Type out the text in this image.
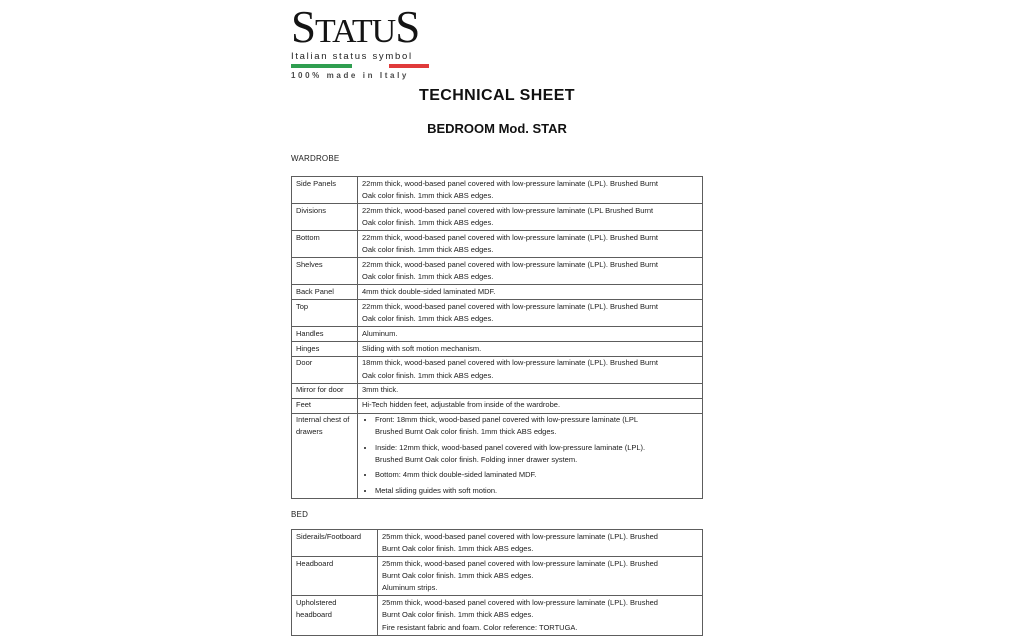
STATUS
Italian status symbol
100% made in Italy
TECHNICAL SHEET
BEDROOM Mod. STAR
WARDROBE
Side Panels	22mm thick, wood-based panel covered with low-pressure laminate (LPL). Brushed Burnt
Oak color finish. 1mm thick ABS edges.

Divisions	22mm thick, wood-based panel covered with low-pressure laminate (LPL Brushed Burnt
Oak color finish. 1mm thick ABS edges.

Bottom	22mm thick, wood-based panel covered with low-pressure laminate (LPL). Brushed Burnt
Oak color finish. 1mm thick ABS edges.

Shelves	22mm thick, wood-based panel covered with low-pressure laminate (LPL). Brushed Burnt
Oak color finish. 1mm thick ABS edges.

Back Panel	4mm thick double-sided laminated MDF.

Top	22mm thick, wood-based panel covered with low-pressure laminate (LPL). Brushed Burnt
Oak color finish. 1mm thick ABS edges.

Handles	Aluminum.

Hinges	Sliding with soft motion mechanism.

Door	18mm thick, wood-based panel covered with low-pressure laminate (LPL). Brushed Burnt
Oak color finish. 1mm thick ABS edges.

Mirror for door	3mm thick.

Feet	Hi-Tech hidden feet, adjustable from inside of the wardrobe.

Internal chest of drawers	
• Front: 18mm thick, wood-based panel covered with low-pressure laminate (LPL
Brushed Burnt Oak color finish. 1mm thick ABS edges.
• Inside: 12mm thick, wood-based panel covered with low-pressure laminate (LPL).
Brushed Burnt Oak color finish. Folding inner drawer system.
• Bottom: 4mm thick double-sided laminated MDF.
• Metal sliding guides with soft motion.
BED
Siderails/Footboard	25mm thick, wood-based panel covered with low-pressure laminate (LPL). Brushed
Burnt Oak color finish. 1mm thick ABS edges.

Headboard	25mm thick, wood-based panel covered with low-pressure laminate (LPL). Brushed
Burnt Oak color finish. 1mm thick ABS edges.
Aluminum strips.

Upholstered headboard	25mm thick, wood-based panel covered with low-pressure laminate (LPL). Brushed
Burnt Oak color finish. 1mm thick ABS edges.
Fire resistant fabric and foam. Color reference: TORTUGA.
